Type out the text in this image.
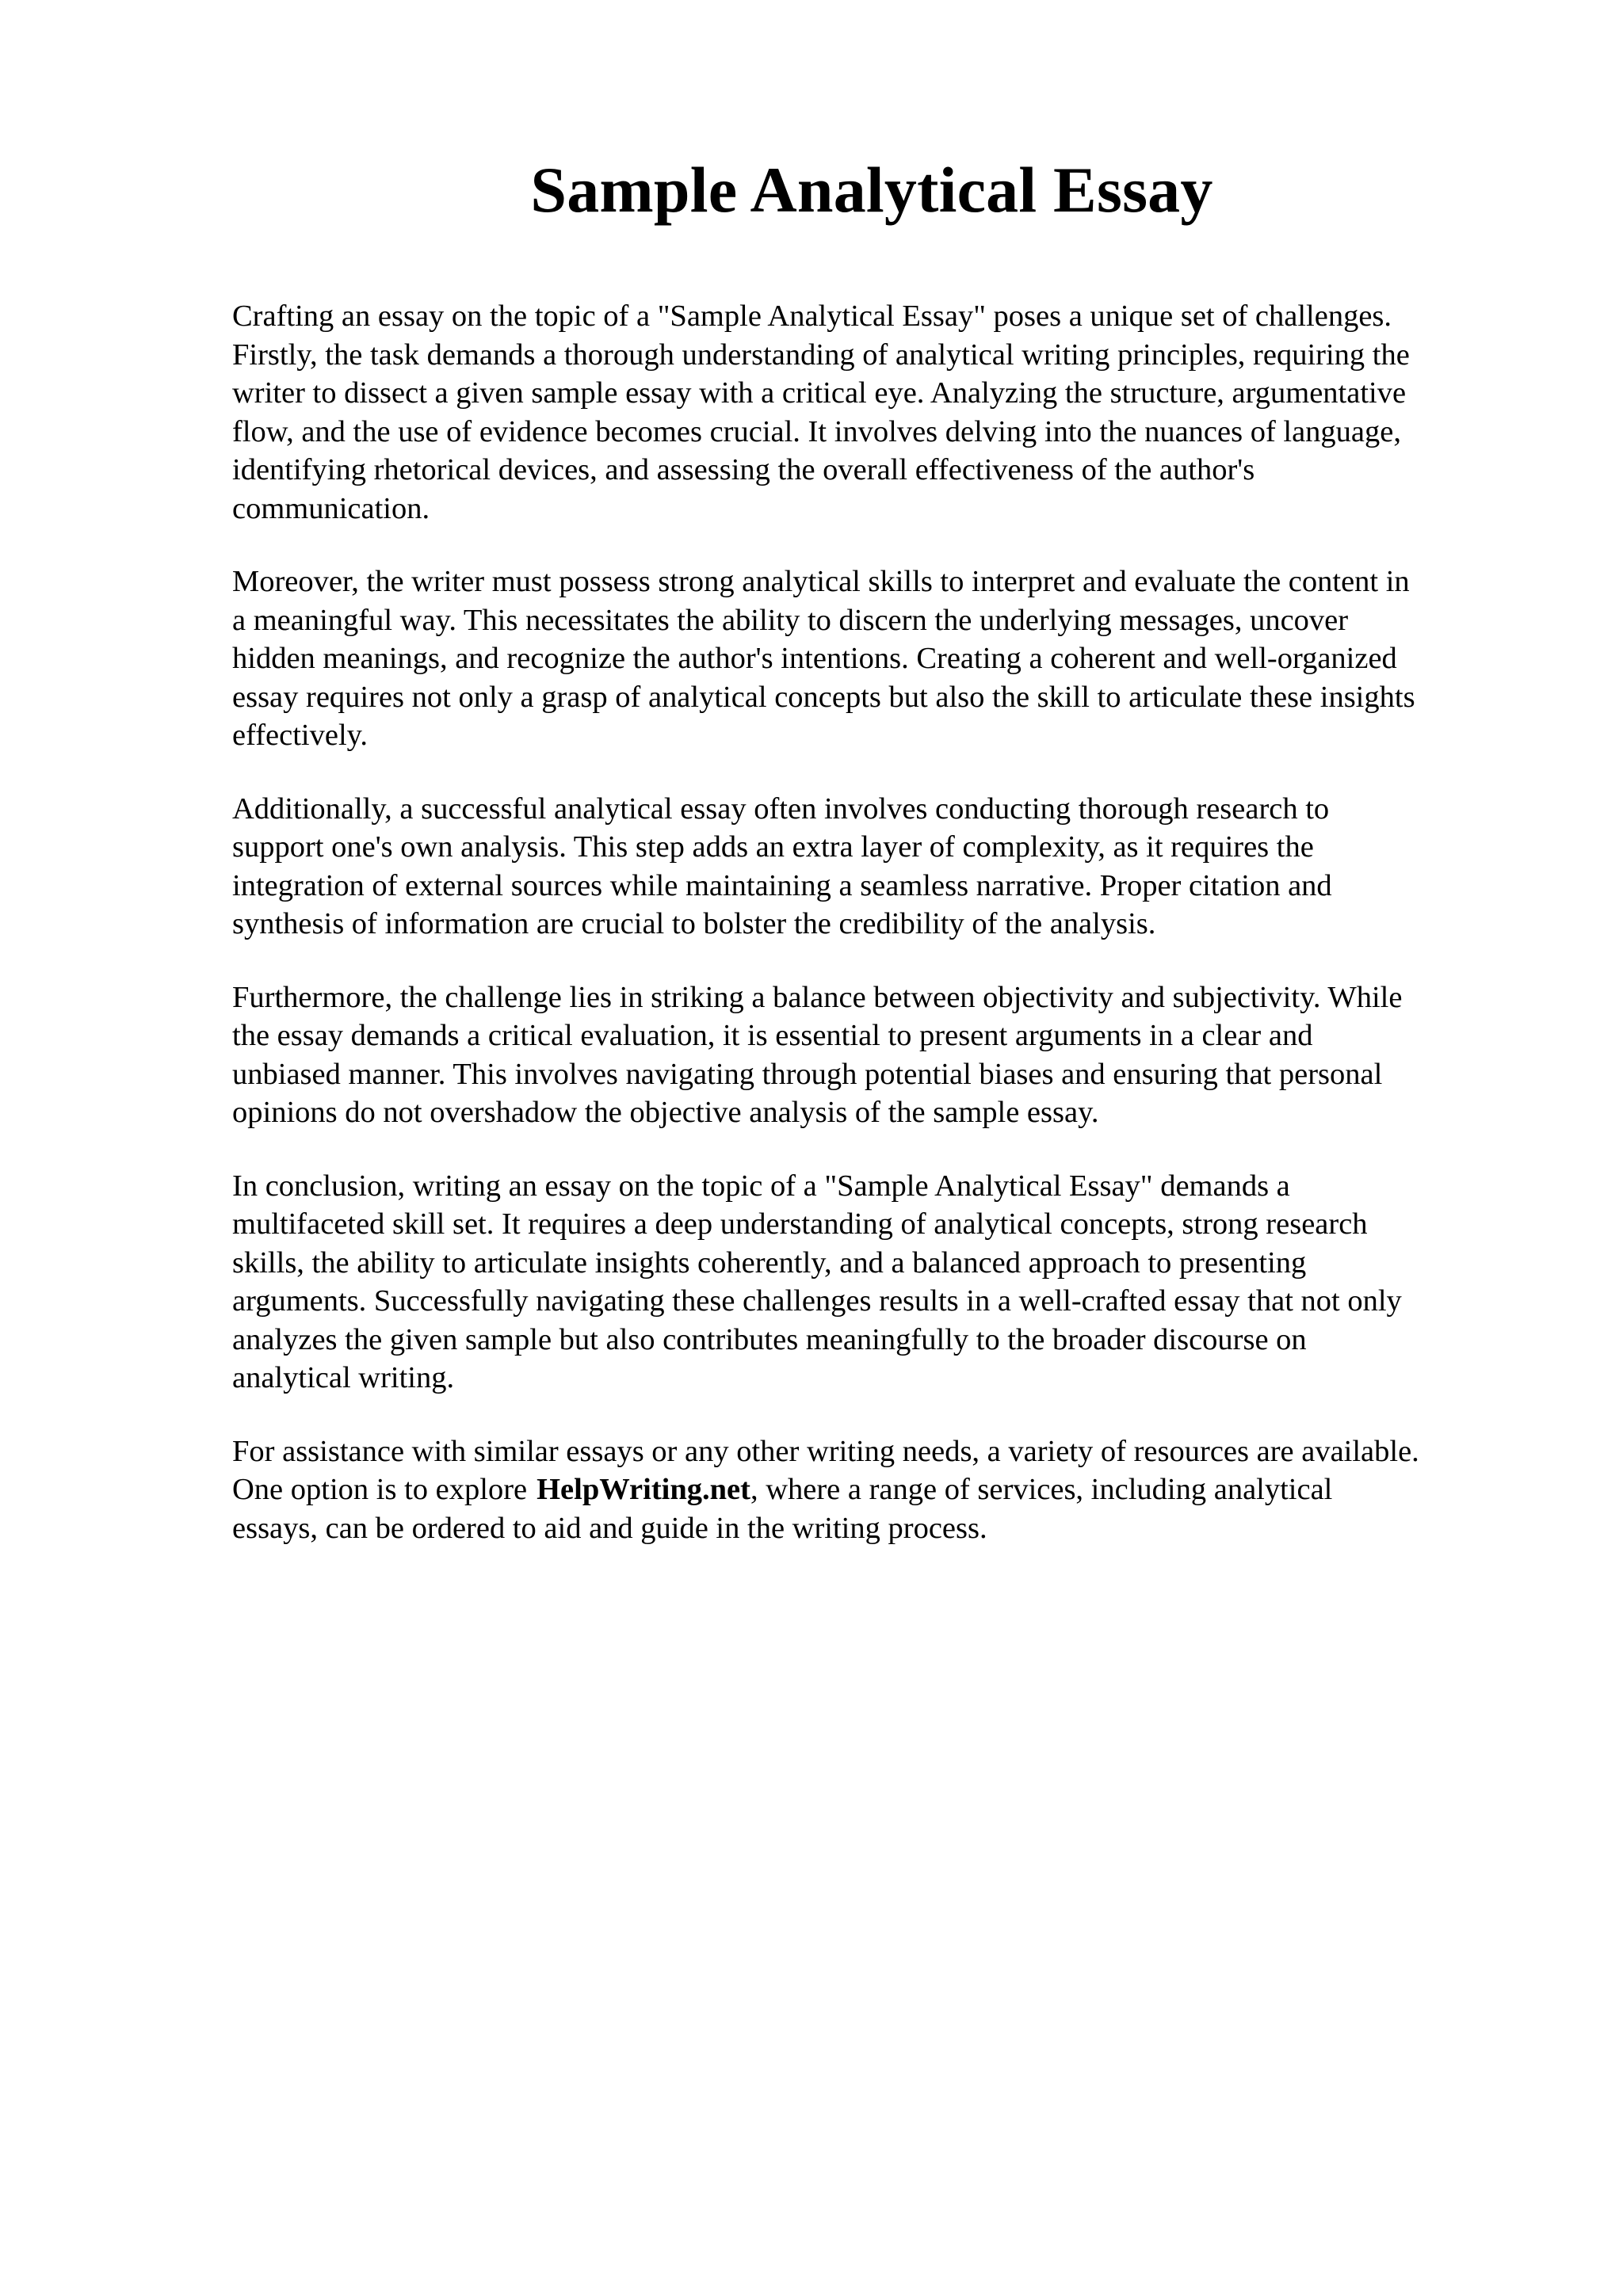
Sample Analytical Essay

Crafting an essay on the topic of a "Sample Analytical Essay" poses a unique set of challenges.
Firstly, the task demands a thorough understanding of analytical writing principles, requiring the
writer to dissect a given sample essay with a critical eye. Analyzing the structure, argumentative
flow, and the use of evidence becomes crucial. It involves delving into the nuances of language,
identifying rhetorical devices, and assessing the overall effectiveness of the author's
communication.

Moreover, the writer must possess strong analytical skills to interpret and evaluate the content in
a meaningful way. This necessitates the ability to discern the underlying messages, uncover
hidden meanings, and recognize the author's intentions. Creating a coherent and well-organized
essay requires not only a grasp of analytical concepts but also the skill to articulate these insights
effectively.

Additionally, a successful analytical essay often involves conducting thorough research to
support one's own analysis. This step adds an extra layer of complexity, as it requires the
integration of external sources while maintaining a seamless narrative. Proper citation and
synthesis of information are crucial to bolster the credibility of the analysis.

Furthermore, the challenge lies in striking a balance between objectivity and subjectivity. While
the essay demands a critical evaluation, it is essential to present arguments in a clear and
unbiased manner. This involves navigating through potential biases and ensuring that personal
opinions do not overshadow the objective analysis of the sample essay.

In conclusion, writing an essay on the topic of a "Sample Analytical Essay" demands a
multifaceted skill set. It requires a deep understanding of analytical concepts, strong research
skills, the ability to articulate insights coherently, and a balanced approach to presenting
arguments. Successfully navigating these challenges results in a well-crafted essay that not only
analyzes the given sample but also contributes meaningfully to the broader discourse on
analytical writing.

For assistance with similar essays or any other writing needs, a variety of resources are available.
One option is to explore HelpWriting.net, where a range of services, including analytical
essays, can be ordered to aid and guide in the writing process.
